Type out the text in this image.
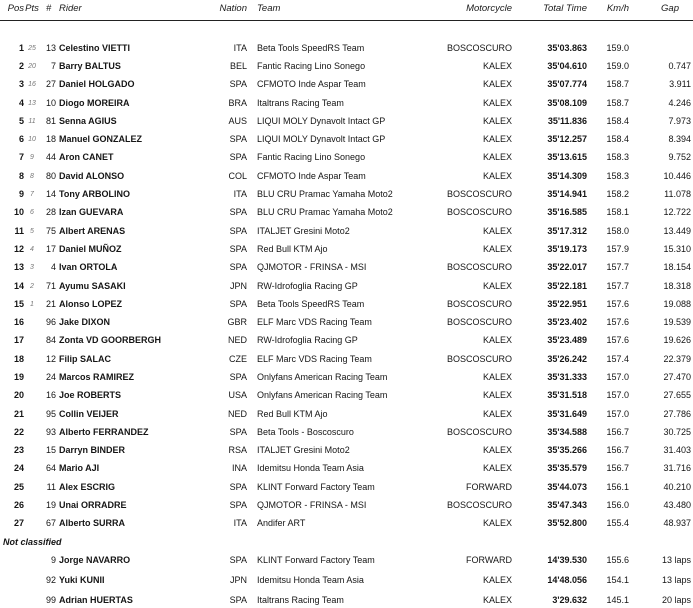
Pos Pts # Rider	Nation	Team	Motorcycle	Total Time	Km/h	Gap
1 25	13 Celestino VIETTI	ITA	Beta Tools SpeedRS Team	BOSCOSCURO	35'03.863	159.0
2 20	7 Barry BALTUS	BEL	Fantic Racing Lino Sonego	KALEX	35'04.610	159.0	0.747
3 16	27 Daniel HOLGADO	SPA	CFMOTO Inde Aspar Team	KALEX	35'07.774	158.7	3.911
4 13	10 Diogo MOREIRA	BRA	Italtrans Racing Team	KALEX	35'08.109	158.7	4.246
5 11	81 Senna AGIUS	AUS	LIQUI MOLY Dynavolt Intact GP	KALEX	35'11.836	158.4	7.973
6 10	18 Manuel GONZALEZ	SPA	LIQUI MOLY Dynavolt Intact GP	KALEX	35'12.257	158.4	8.394
7 9	44 Aron CANET	SPA	Fantic Racing Lino Sonego	KALEX	35'13.615	158.3	9.752
8 8	80 David ALONSO	COL	CFMOTO Inde Aspar Team	KALEX	35'14.309	158.3	10.446
9 7	14 Tony ARBOLINO	ITA	BLU CRU Pramac Yamaha Moto2	BOSCOSCURO	35'14.941	158.2	11.078
10 6	28 Izan GUEVARA	SPA	BLU CRU Pramac Yamaha Moto2	BOSCOSCURO	35'16.585	158.1	12.722
11 5	75 Albert ARENAS	SPA	ITALJET Gresini Moto2	KALEX	35'17.312	158.0	13.449
12 4	17 Daniel MUÑOZ	SPA	Red Bull KTM Ajo	KALEX	35'19.173	157.9	15.310
13 3	4 Ivan ORTOLA	SPA	QJMOTOR - FRINSA - MSI	BOSCOSCURO	35'22.017	157.7	18.154
14 2	71 Ayumu SASAKI	JPN	RW-Idrofoglia Racing GP	KALEX	35'22.181	157.7	18.318
15 1	21 Alonso LOPEZ	SPA	Beta Tools SpeedRS Team	BOSCOSCURO	35'22.951	157.6	19.088
16	96 Jake DIXON	GBR	ELF Marc VDS Racing Team	BOSCOSCURO	35'23.402	157.6	19.539
17	84 Zonta VD GOORBERGH	NED	RW-Idrofoglia Racing GP	KALEX	35'23.489	157.6	19.626
18	12 Filip SALAC	CZE	ELF Marc VDS Racing Team	BOSCOSCURO	35'26.242	157.4	22.379
19	24 Marcos RAMIREZ	SPA	Onlyfans American Racing Team	KALEX	35'31.333	157.0	27.470
20	16 Joe ROBERTS	USA	Onlyfans American Racing Team	KALEX	35'31.518	157.0	27.655
21	95 Collin VEIJER	NED	Red Bull KTM Ajo	KALEX	35'31.649	157.0	27.786
22	93 Alberto FERRANDEZ	SPA	Beta Tools - Boscoscuro	BOSCOSCURO	35'34.588	156.7	30.725
23	15 Darryn BINDER	RSA	ITALJET Gresini Moto2	KALEX	35'35.266	156.7	31.403
24	64 Mario AJI	INA	Idemitsu Honda Team Asia	KALEX	35'35.579	156.7	31.716
25	11 Alex ESCRIG	SPA	KLINT Forward Factory Team	FORWARD	35'44.073	156.1	40.210
26	19 Unai ORRADRE	SPA	QJMOTOR - FRINSA - MSI	BOSCOSCURO	35'47.343	156.0	43.480
27	67 Alberto SURRA	ITA	Andifer ART	KALEX	35'52.800	155.4	48.937
Not classified
9 Jorge NAVARRO	SPA	KLINT Forward Factory Team	FORWARD	14'39.530	155.6	13 laps
92 Yuki KUNII	JPN	Idemitsu Honda Team Asia	KALEX	14'48.056	154.1	13 laps
99 Adrian HUERTAS	SPA	Italtrans Racing Team	KALEX	3'29.632	145.1	20 laps
